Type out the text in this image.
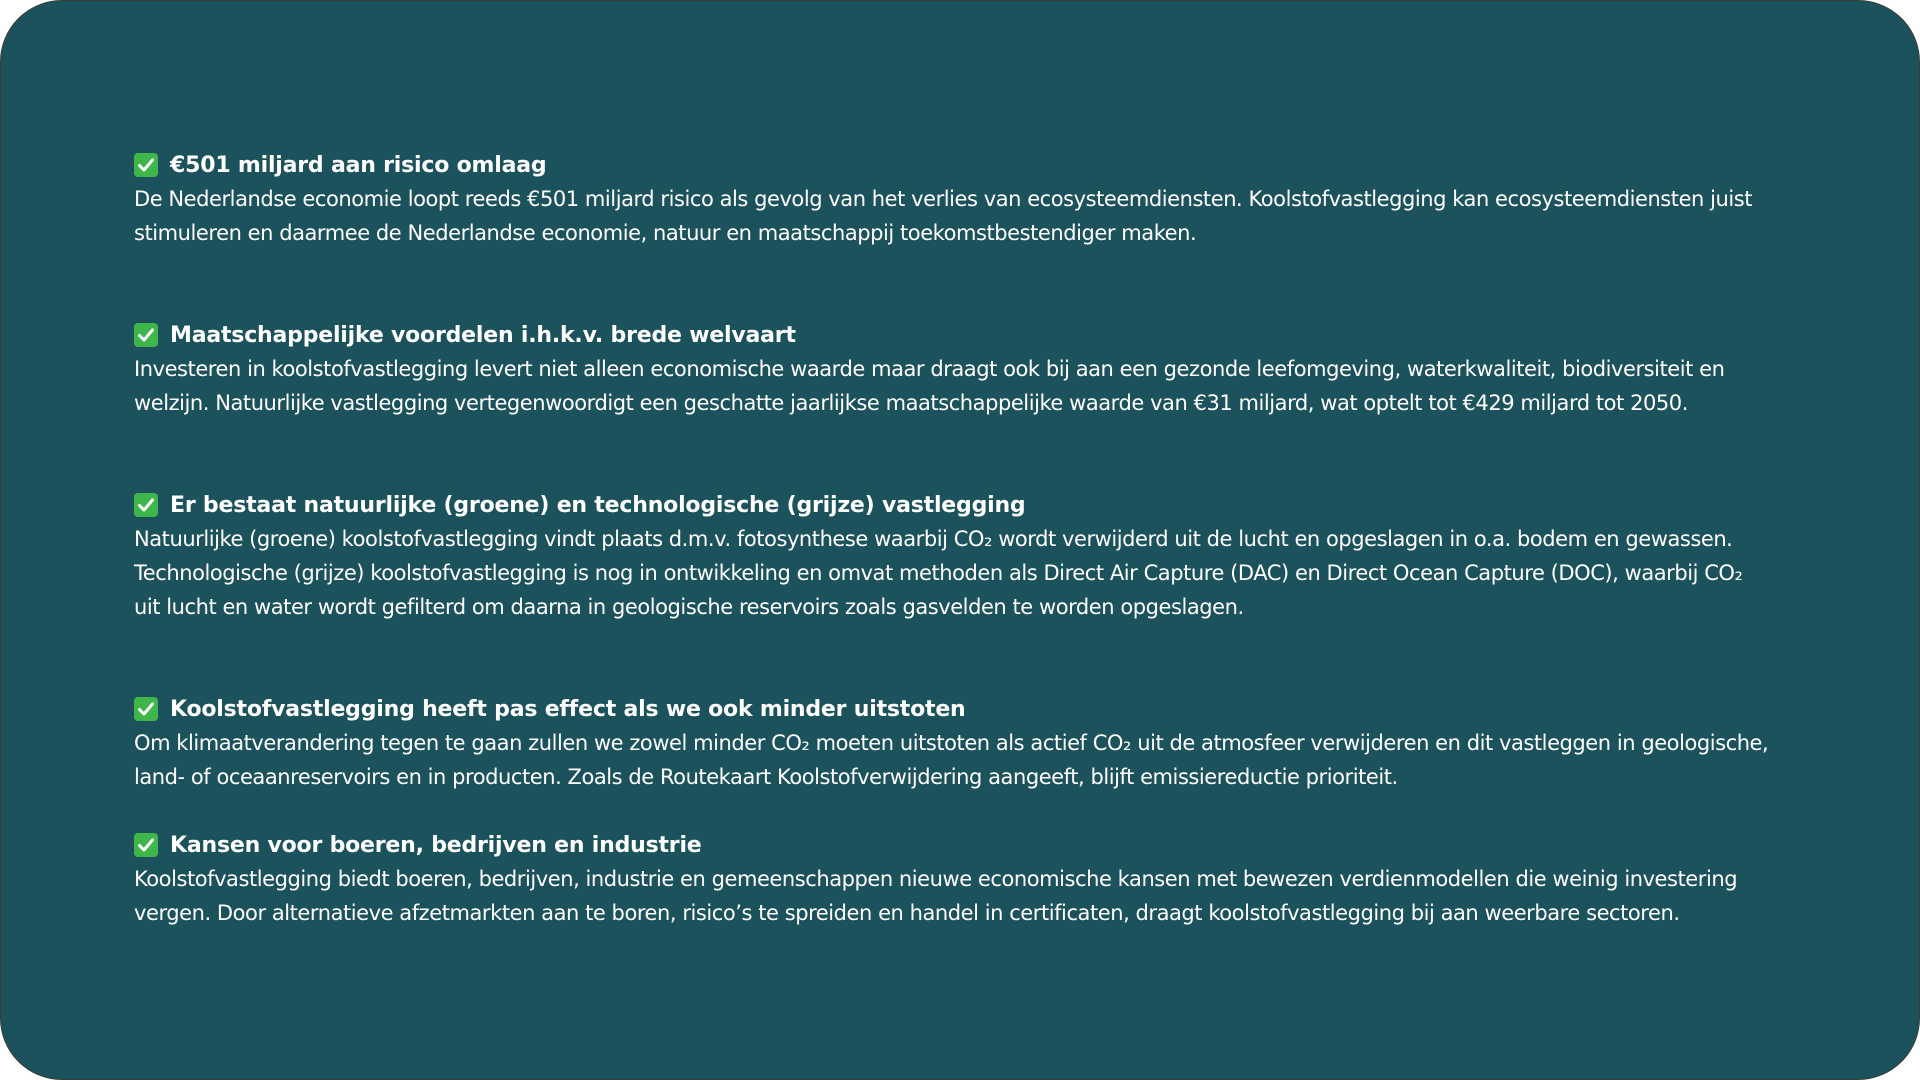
€501 miljard aan risico omlaag
De Nederlandse economie loopt reeds €501 miljard risico als gevolg van het verlies van ecosysteemdiensten. Koolstofvastlegging kan ecosysteemdiensten juist
stimuleren en daarmee de Nederlandse economie, natuur en maatschappij toekomstbestendiger maken.
Maatschappelijke voordelen i.h.k.v. brede welvaart
Investeren in koolstofvastlegging levert niet alleen economische waarde maar draagt ook bij aan een gezonde leefomgeving, waterkwaliteit, biodiversiteit en
welzijn. Natuurlijke vastlegging vertegenwoordigt een geschatte jaarlijkse maatschappelijke waarde van €31 miljard, wat optelt tot €429 miljard tot 2050.
Er bestaat natuurlijke (groene) en technologische (grijze) vastlegging
Natuurlijke (groene) koolstofvastlegging vindt plaats d.m.v. fotosynthese waarbij CO₂ wordt verwijderd uit de lucht en opgeslagen in o.a. bodem en gewassen.
Technologische (grijze) koolstofvastlegging is nog in ontwikkeling en omvat methoden als Direct Air Capture (DAC) en Direct Ocean Capture (DOC), waarbij CO₂
uit lucht en water wordt gefilterd om daarna in geologische reservoirs zoals gasvelden te worden opgeslagen.
Koolstofvastlegging heeft pas effect als we ook minder uitstoten
Om klimaatverandering tegen te gaan zullen we zowel minder CO₂ moeten uitstoten als actief CO₂ uit de atmosfeer verwijderen en dit vastleggen in geologische,
land- of oceaanreservoirs en in producten. Zoals de Routekaart Koolstofverwijdering aangeeft, blijft emissiereductie prioriteit.
Kansen voor boeren, bedrijven en industrie
Koolstofvastlegging biedt boeren, bedrijven, industrie en gemeenschappen nieuwe economische kansen met bewezen verdienmodellen die weinig investering
vergen. Door alternatieve afzetmarkten aan te boren, risico’s te spreiden en handel in certificaten, draagt koolstofvastlegging bij aan weerbare sectoren.
